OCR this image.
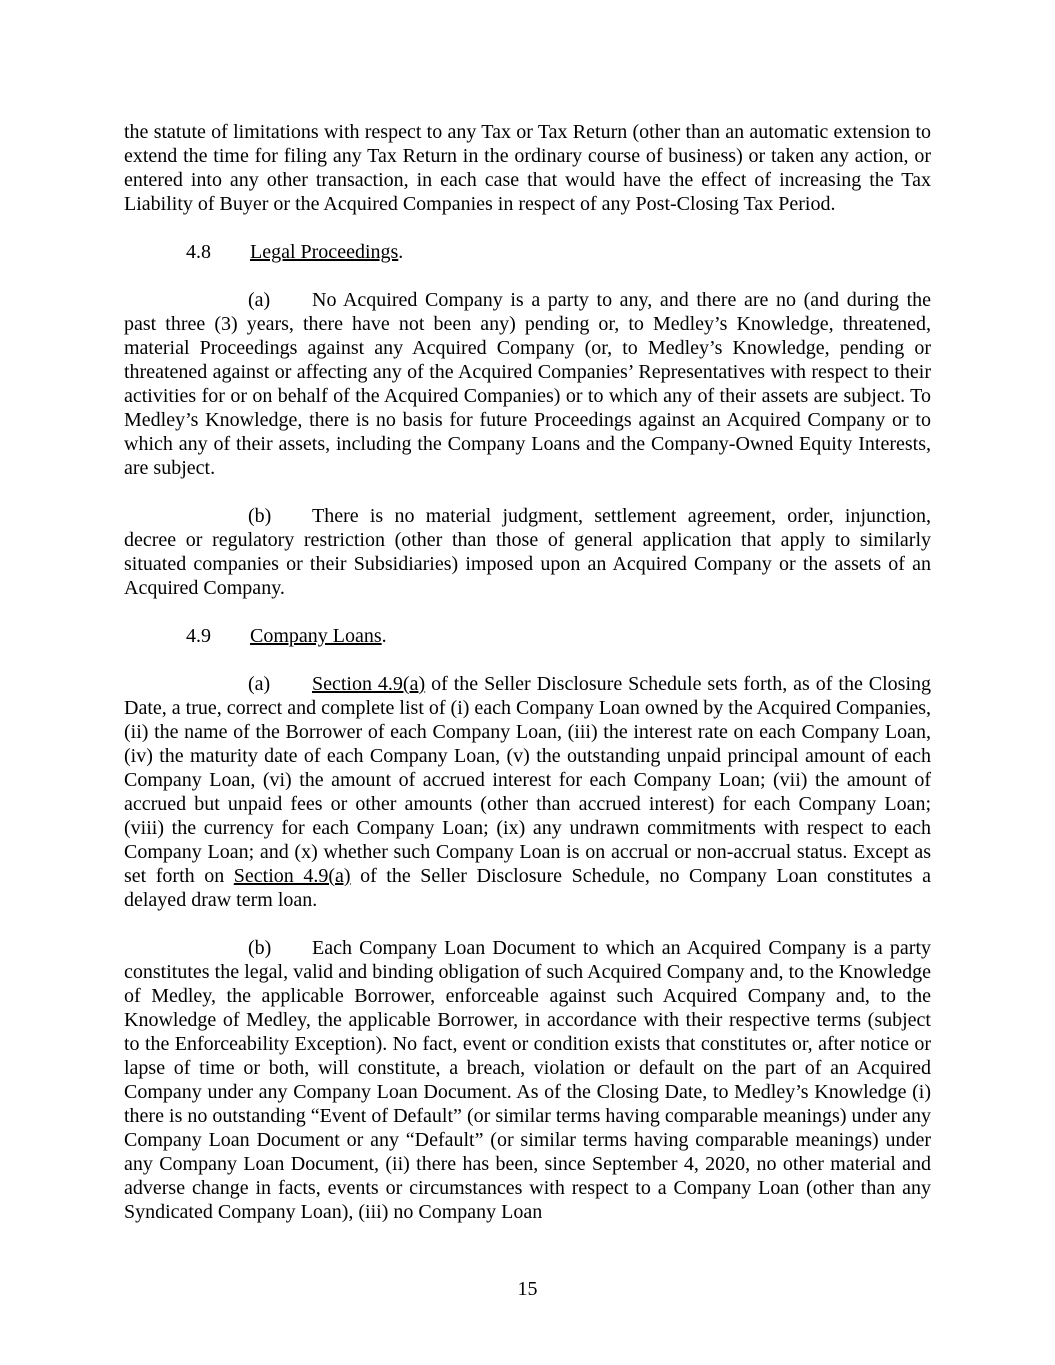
the statute of limitations with respect to any Tax or Tax Return (other than an automatic extension to extend the time for filing any Tax Return in the ordinary course of business) or taken any action, or entered into any other transaction, in each case that would have the effect of increasing the Tax Liability of Buyer or the Acquired Companies in respect of any Post-Closing Tax Period.

4.8 Legal Proceedings.

(a) No Acquired Company is a party to any, and there are no (and during the past three (3) years, there have not been any) pending or, to Medley’s Knowledge, threatened, material Proceedings against any Acquired Company (or, to Medley’s Knowledge, pending or threatened against or affecting any of the Acquired Companies’ Representatives with respect to their activities for or on behalf of the Acquired Companies) or to which any of their assets are subject. To Medley’s Knowledge, there is no basis for future Proceedings against an Acquired Company or to which any of their assets, including the Company Loans and the Company-Owned Equity Interests, are subject.

(b) There is no material judgment, settlement agreement, order, injunction, decree or regulatory restriction (other than those of general application that apply to similarly situated companies or their Subsidiaries) imposed upon an Acquired Company or the assets of an Acquired Company.

4.9 Company Loans.

(a) Section 4.9(a) of the Seller Disclosure Schedule sets forth, as of the Closing Date, a true, correct and complete list of (i) each Company Loan owned by the Acquired Companies, (ii) the name of the Borrower of each Company Loan, (iii) the interest rate on each Company Loan, (iv) the maturity date of each Company Loan, (v) the outstanding unpaid principal amount of each Company Loan, (vi) the amount of accrued interest for each Company Loan; (vii) the amount of accrued but unpaid fees or other amounts (other than accrued interest) for each Company Loan; (viii) the currency for each Company Loan; (ix) any undrawn commitments with respect to each Company Loan; and (x) whether such Company Loan is on accrual or non-accrual status. Except as set forth on Section 4.9(a) of the Seller Disclosure Schedule, no Company Loan constitutes a delayed draw term loan.

(b) Each Company Loan Document to which an Acquired Company is a party constitutes the legal, valid and binding obligation of such Acquired Company and, to the Knowledge of Medley, the applicable Borrower, enforceable against such Acquired Company and, to the Knowledge of Medley, the applicable Borrower, in accordance with their respective terms (subject to the Enforceability Exception). No fact, event or condition exists that constitutes or, after notice or lapse of time or both, will constitute, a breach, violation or default on the part of an Acquired Company under any Company Loan Document. As of the Closing Date, to Medley’s Knowledge (i) there is no outstanding “Event of Default” (or similar terms having comparable meanings) under any Company Loan Document or any “Default” (or similar terms having comparable meanings) under any Company Loan Document, (ii) there has been, since September 4, 2020, no other material and adverse change in facts, events or circumstances with respect to a Company Loan (other than any Syndicated Company Loan), (iii) no Company Loan

15
